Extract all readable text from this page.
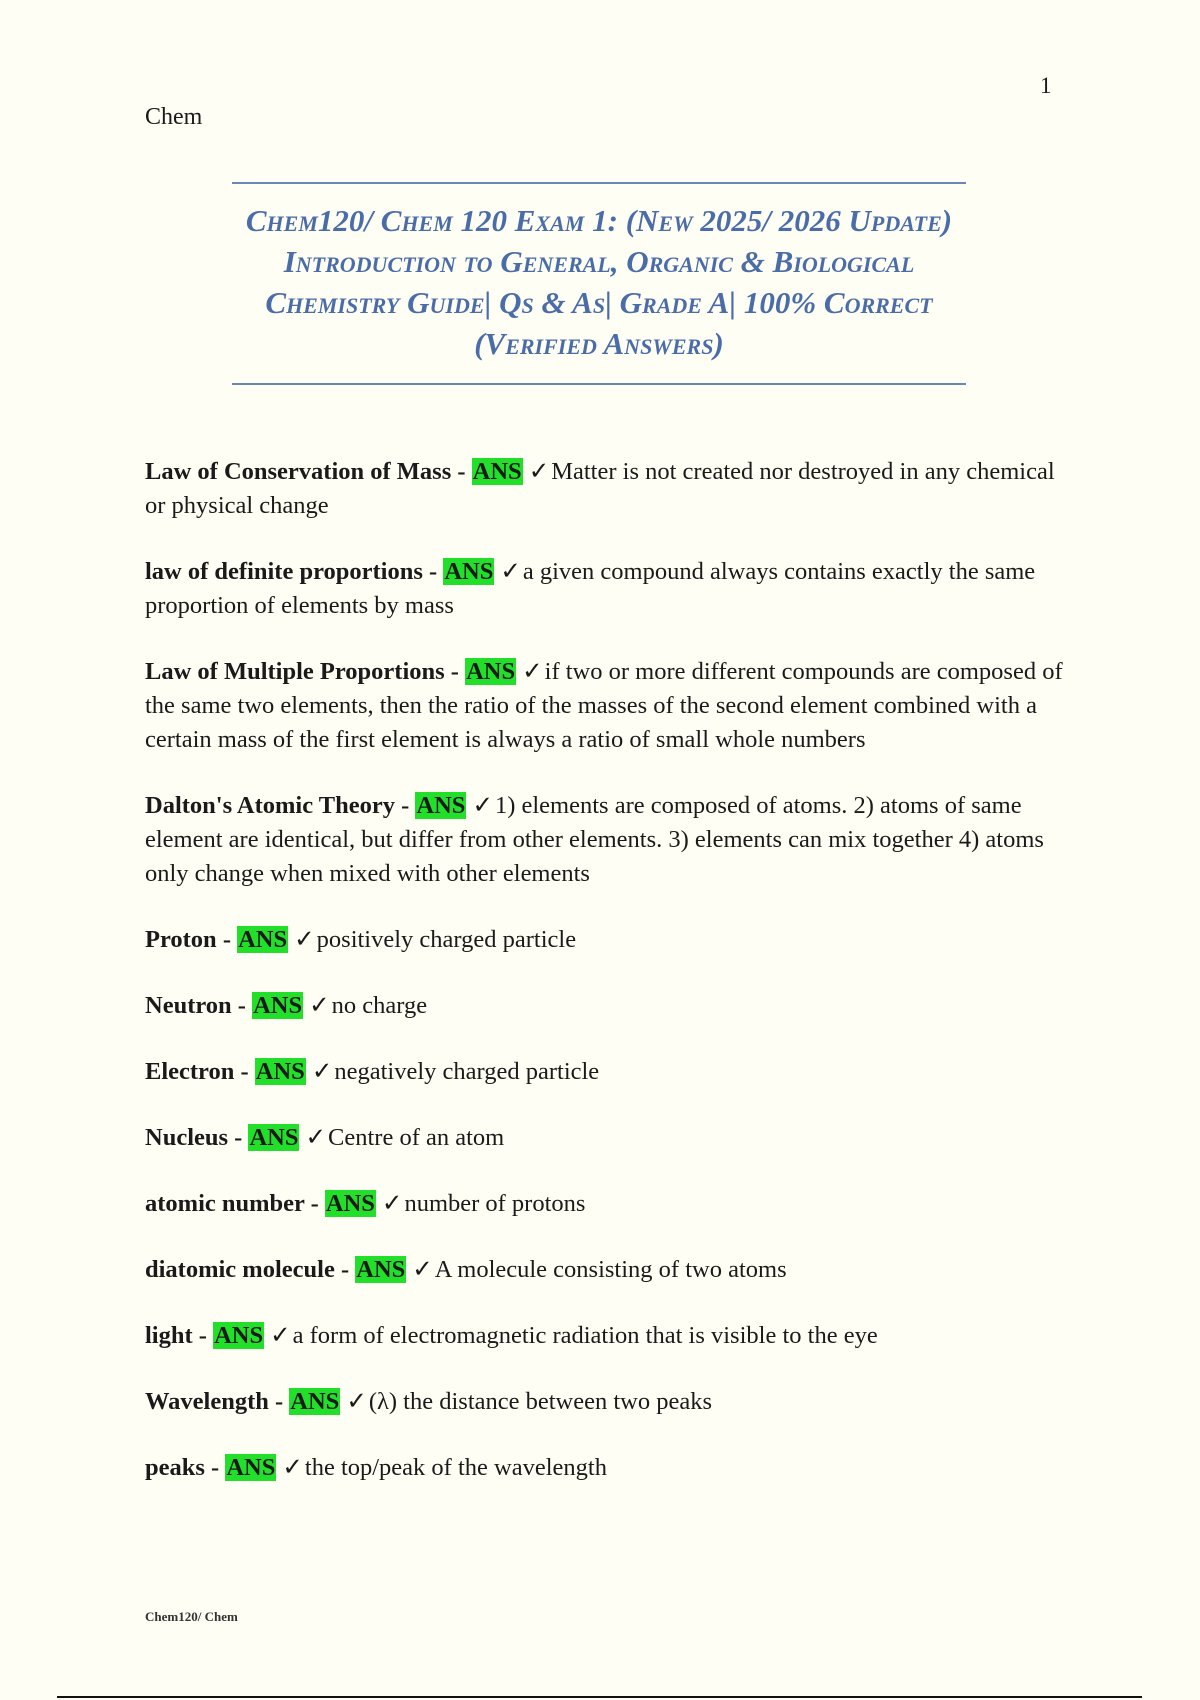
1
Chem
Chem120/ Chem 120 Exam 1: (New 2025/ 2026 Update) Introduction to General, Organic & Biological Chemistry Guide| Qs & As| Grade A| 100% Correct (Verified Answers)
Law of Conservation of Mass - ANS ✓Matter is not created nor destroyed in any chemical or physical change
law of definite proportions - ANS ✓a given compound always contains exactly the same proportion of elements by mass
Law of Multiple Proportions - ANS ✓if two or more different compounds are composed of the same two elements, then the ratio of the masses of the second element combined with a certain mass of the first element is always a ratio of small whole numbers
Dalton's Atomic Theory - ANS ✓1) elements are composed of atoms. 2) atoms of same element are identical, but differ from other elements. 3) elements can mix together 4) atoms only change when mixed with other elements
Proton - ANS ✓positively charged particle
Neutron - ANS ✓no charge
Electron - ANS ✓negatively charged particle
Nucleus - ANS ✓Centre of an atom
atomic number - ANS ✓number of protons
diatomic molecule - ANS ✓A molecule consisting of two atoms
light - ANS ✓a form of electromagnetic radiation that is visible to the eye
Wavelength - ANS ✓(λ) the distance between two peaks
peaks - ANS ✓the top/peak of the wavelength
Chem120/ Chem
